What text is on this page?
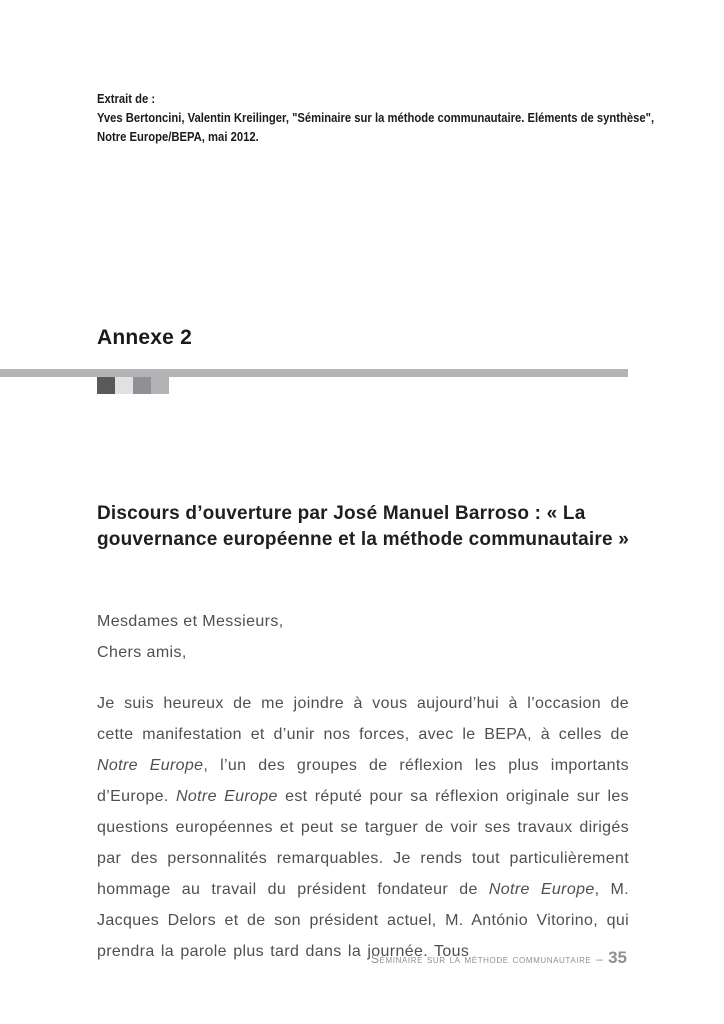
Extrait de :
Yves Bertoncini, Valentin Kreilinger, "Séminaire sur la méthode communautaire. Eléments de synthèse",
Notre Europe/BEPA, mai 2012.
Annexe 2
Discours d’ouverture par José Manuel Barroso : « La gouvernance européenne et la méthode communautaire »
Mesdames et Messieurs,
Chers amis,

Je suis heureux de me joindre à vous aujourd’hui à l’occasion de cette manifestation et d’unir nos forces, avec le BEPA, à celles de Notre Europe, l’un des groupes de réflexion les plus importants d’Europe. Notre Europe est réputé pour sa réflexion originale sur les questions européennes et peut se targuer de voir ses travaux dirigés par des personnalités remarquables. Je rends tout particulièrement hommage au travail du président fondateur de Notre Europe, M. Jacques Delors et de son président actuel, M. António Vitorino, qui prendra la parole plus tard dans la journée. Tous

Séminaire sur la méthode communautaire – 35
